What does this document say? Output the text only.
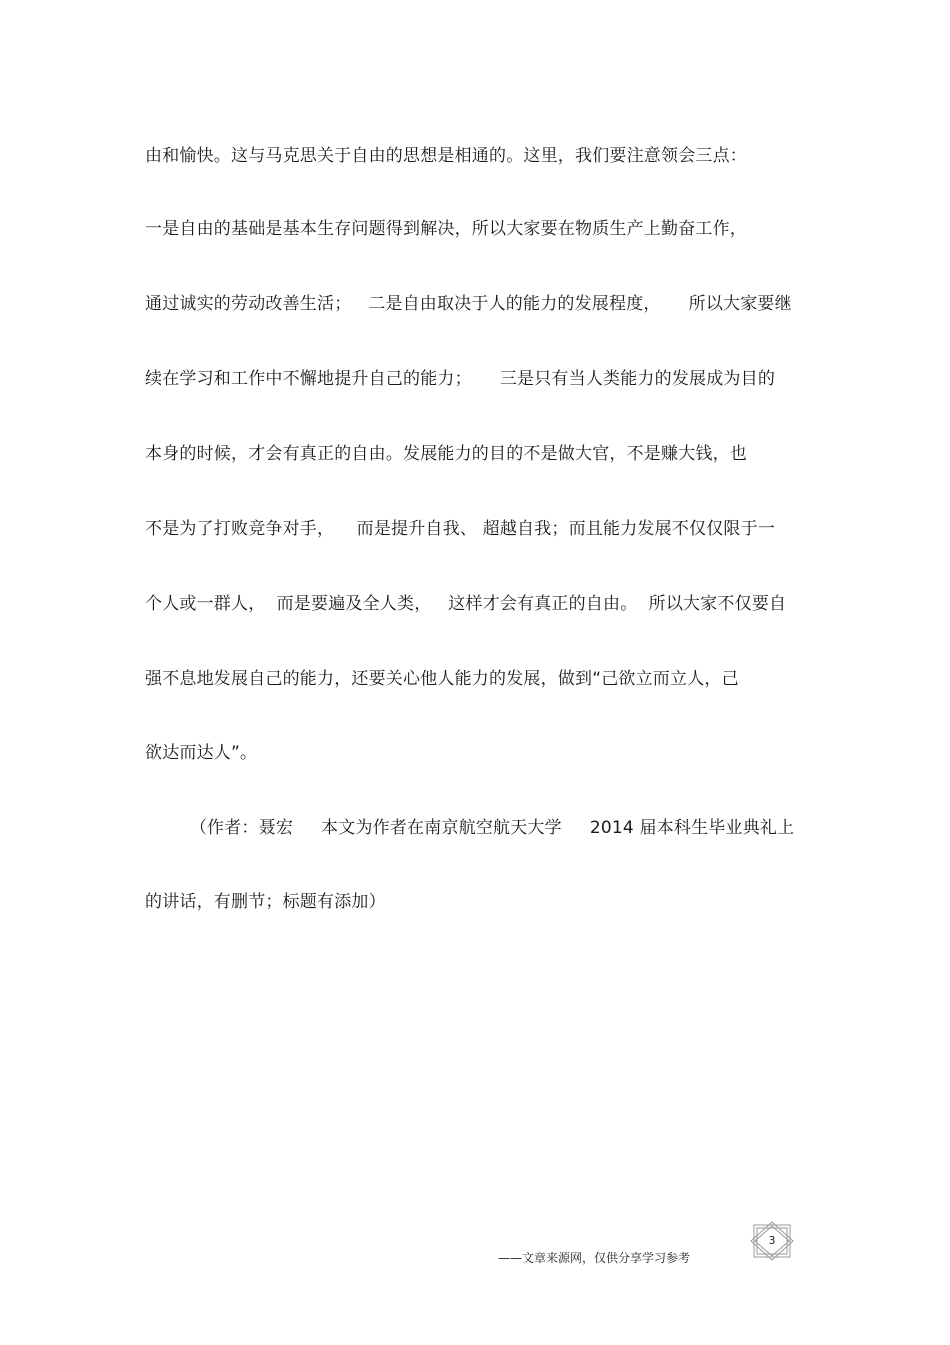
由和愉快。这与马克思关于自由的思想是相通的。这里，我们要注意领会三点：
一是自由的基础是基本生存问题得到解决，所以大家要在物质生产上勤奋工作，
通过诚实的劳动改善生活；   二是自由取决于人的能力的发展程度，     所以大家要继
续在学习和工作中不懈地提升自己的能力；     三是只有当人类能力的发展成为目的
本身的时候，才会有真正的自由。发展能力的目的不是做大官，不是赚大钱，也
不是为了打败竞争对手，    而是提升自我、 超越自我；而且能力发展不仅仅限于一
个人或一群人，  而是要遍及全人类，   这样才会有真正的自由。  所以大家不仅要自
强不息地发展自己的能力，还要关心他人能力的发展，做到“己欲立而立人，己
欲达而达人”。
（作者：聂宏     本文为作者在南京航空航天大学     2014 届本科生毕业典礼上
的讲话，有删节；标题有添加）
——文章来源网，仅供分享学习参考
3
